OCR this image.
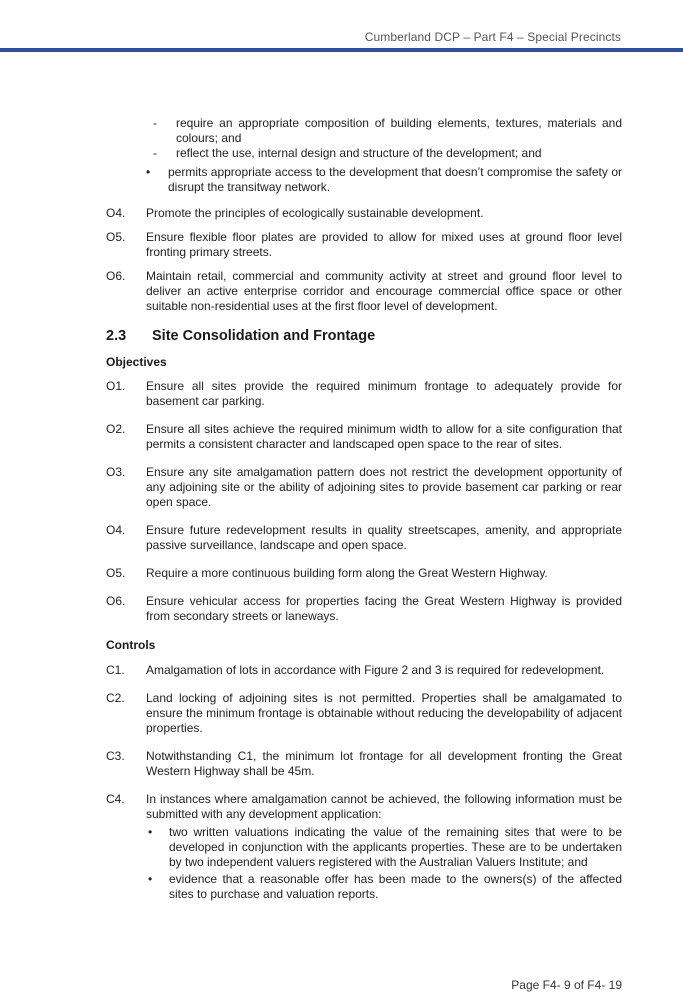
Cumberland DCP – Part F4 – Special Precincts
- require an appropriate composition of building elements, textures, materials and colours; and
- reflect the use, internal design and structure of the development; and
• permits appropriate access to the development that doesn’t compromise the safety or disrupt the transitway network.
O4. Promote the principles of ecologically sustainable development.
O5. Ensure flexible floor plates are provided to allow for mixed uses at ground floor level fronting primary streets.
O6. Maintain retail, commercial and community activity at street and ground floor level to deliver an active enterprise corridor and encourage commercial office space or other suitable non-residential uses at the first floor level of development.
2.3 Site Consolidation and Frontage
Objectives
O1. Ensure all sites provide the required minimum frontage to adequately provide for basement car parking.
O2. Ensure all sites achieve the required minimum width to allow for a site configuration that permits a consistent character and landscaped open space to the rear of sites.
O3. Ensure any site amalgamation pattern does not restrict the development opportunity of any adjoining site or the ability of adjoining sites to provide basement car parking or rear open space.
O4. Ensure future redevelopment results in quality streetscapes, amenity, and appropriate passive surveillance, landscape and open space.
O5. Require a more continuous building form along the Great Western Highway.
O6. Ensure vehicular access for properties facing the Great Western Highway is provided from secondary streets or laneways.
Controls
C1. Amalgamation of lots in accordance with Figure 2 and 3 is required for redevelopment.
C2. Land locking of adjoining sites is not permitted. Properties shall be amalgamated to ensure the minimum frontage is obtainable without reducing the developability of adjacent properties.
C3. Notwithstanding C1, the minimum lot frontage for all development fronting the Great Western Highway shall be 45m.
C4. In instances where amalgamation cannot be achieved, the following information must be submitted with any development application:
• two written valuations indicating the value of the remaining sites that were to be developed in conjunction with the applicants properties. These are to be undertaken by two independent valuers registered with the Australian Valuers Institute; and
• evidence that a reasonable offer has been made to the owners(s) of the affected sites to purchase and valuation reports.
Page F4- 9 of F4- 19
